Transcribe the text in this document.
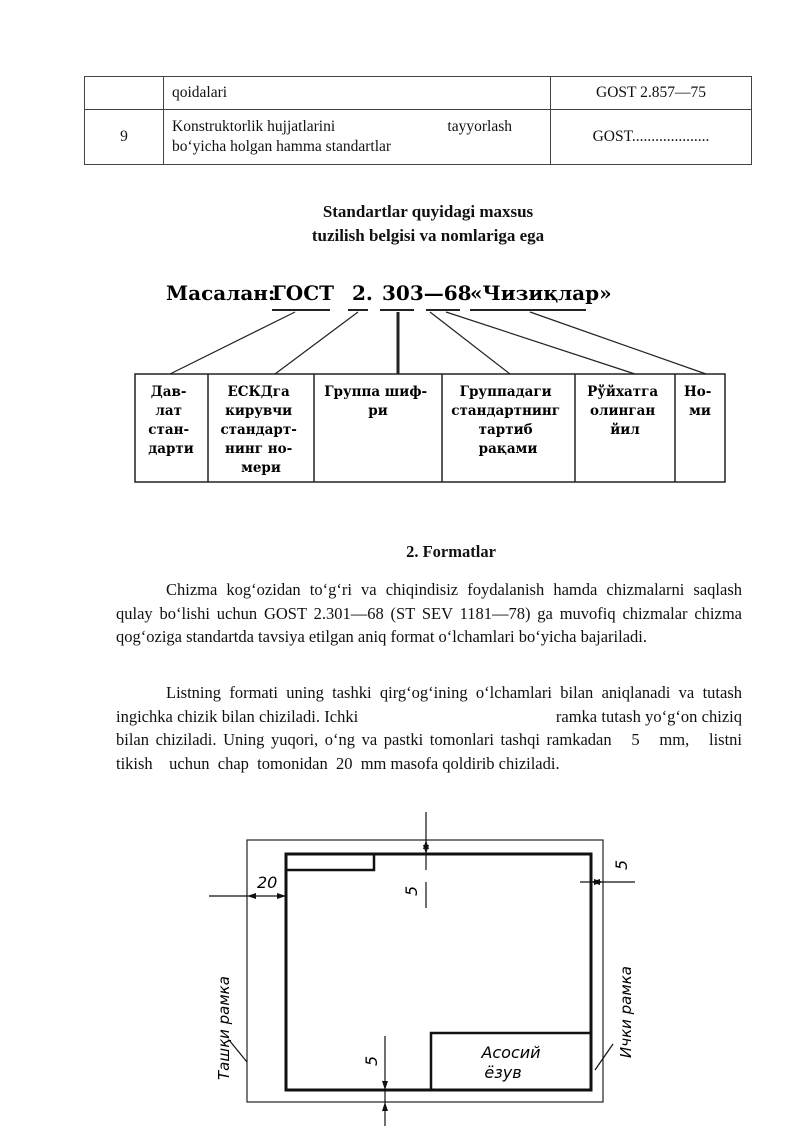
	qoidalari	GOST 2.857—75
9	Konstruktorlik hujjatlarini tayyorlash
bo‘yicha holgan hamma standartlar	GOST....................
Standartlar quyidagi maxsus
tuzilish belgisi va nomlariga ega
Масалан:
ГОСТ 2. 303—68
«Чизиқлар»
Дав- лат стан- дарти
ЕСКДга кирувчи стандарт- нинг но- мери
Группа шиф- ри
Группадаги стандартнинг тартиб рақами
Рўйхатга олинган йил
Но- ми
2. Formatlar
Chizma kog‘ozidan to‘g‘ri va chiqindisiz foydalanish hamda chizmalarni saqlash qulay bo‘lishi uchun GOST 2.301—68 (ST SEV 1181—78) ga muvofiq chizmalar chizma qog‘oziga standartda tavsiya etilgan aniq format o‘lchamlari bo‘yicha bajariladi.
Listning formati uning tashki qirg‘og‘ining o‘lchamlari bilan aniqlanadi va tutash ingichka chizik bilan chiziladi. Ichki                                              ramka tutash yo‘g‘on chiziq bilan chiziladi. Uning yuqori, o‘ng va pastki tomonlari tashqi ramkadan   5   mm,   listni   tikish    uchun  chap  tomonidan  20  mm masofa qoldirib chiziladi.
Асосий
ёзув
20	5
5
5
Ташқи рамка	Ички рамка
